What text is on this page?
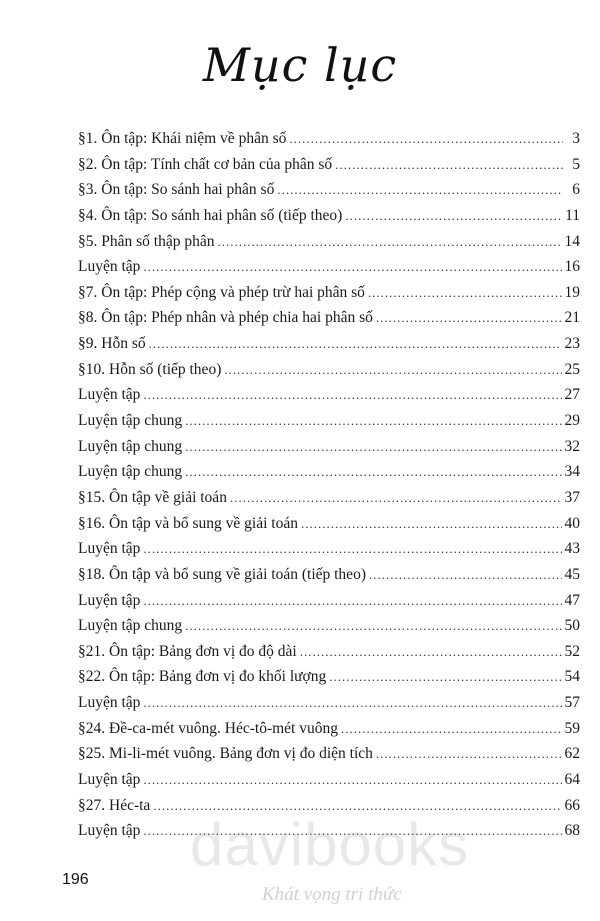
Mục lục
§1. Ôn tập: Khái niệm về phân số .....	3
§2. Ôn tập: Tính chất cơ bản của phân số .....	5
§3. Ôn tập: So sánh hai phân số .....	6
§4. Ôn tập: So sánh hai phân số (tiếp theo) .....	11
§5. Phân số thập phân .....	14
Luyện tập .....	16
§7. Ôn tập: Phép cộng và phép trừ hai phân số .....	19
§8. Ôn tập: Phép nhân và phép chia hai phân số .....	21
§9. Hỗn số .....	23
§10. Hỗn số (tiếp theo) .....	25
Luyện tập .....	27
Luyện tập chung .....	29
Luyện tập chung .....	32
Luyện tập chung .....	34
§15. Ôn tập về giải toán .....	37
§16. Ôn tập và bổ sung về giải toán .....	40
Luyện tập .....	43
§18. Ôn tập và bổ sung về giải toán (tiếp theo) .....	45
Luyện tập .....	47
Luyện tập chung .....	50
§21. Ôn tập: Bảng đơn vị đo độ dài .....	52
§22. Ôn tập: Bảng đơn vị đo khối lượng .....	54
Luyện tập .....	57
§24. Đề-ca-mét vuông. Héc-tô-mét vuông .....	59
§25. Mi-li-mét vuông. Bảng đơn vị đo diện tích .....	62
Luyện tập .....	64
§27. Héc-ta .....	66
Luyện tập .....	68
davibooks
Khát vọng tri thức
196
